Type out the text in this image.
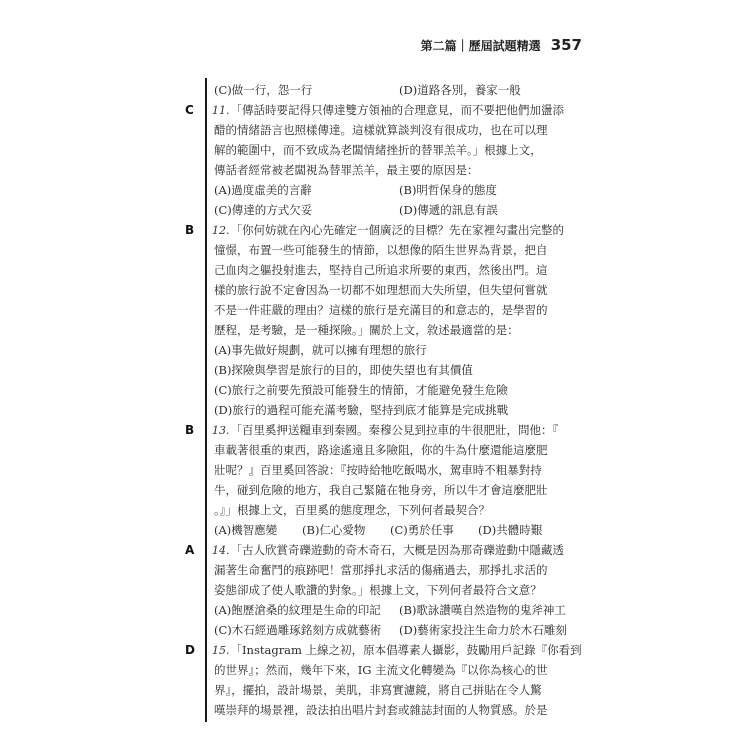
第二篇｜歷屆試題精選 357
(C)做一行，怨一行	(D)道路各別，養家一般
C	11.「傳話時要記得只傳達雙方領袖的合理意見，而不要把他們加盪添
醋的情緒語言也照樣傳達。這樣就算談判沒有很成功，也在可以理
解的範圍中，而不致成為老闆情緒挫折的替罪羔羊。」根據上文，
傳話者經常被老闆視為替罪羔羊，最主要的原因是：
(A)過度虛美的言辭	(B)明哲保身的態度
(C)傳達的方式欠妥	(D)傳遞的訊息有誤
B	12.「你何妨就在內心先確定一個廣泛的目標？先在家裡勾畫出完整的
憧憬，布置一些可能發生的情節，以想像的陌生世界為背景，把自
己血肉之軀投射進去，堅持自己所追求所要的東西，然後出門。這
樣的旅行說不定會因為一切都不如理想而大失所望，但失望何嘗就
不是一件莊嚴的理由？這樣的旅行是充滿目的和意志的，是學習的
歷程，是考驗，是一種探險。」關於上文，敘述最適當的是：
(A)事先做好規劃，就可以擁有理想的旅行
(B)探險與學習是旅行的目的，即使失望也有其價值
(C)旅行之前要先預設可能發生的情節，才能避免發生危險
(D)旅行的過程可能充滿考驗，堅持到底才能算是完成挑戰
B	13.「百里奚押送糧車到秦國。秦穆公見到拉車的牛很肥壯，問他：『
車載著很重的東西，路途遙遠且多險阻，你的牛為什麼還能這麼肥
壯呢？』百里奚回答說：『按時給牠吃飯喝水，駕車時不粗暴對持
牛，碰到危險的地方，我自己緊隨在牠身旁，所以牛才會這麼肥壯
。』」根據上文，百里奚的態度理念，下列何者最契合？
(A)機智應變 (B)仁心愛物 (C)勇於任事 (D)共體時艱
A	14.「古人欣賞奇礫遊動的奇木奇石，大概是因為那奇礫遊動中隱藏透
漏著生命奮鬥的痕跡吧！當那掙扎求活的傷痛過去，那掙扎求活的
姿態卻成了使人歌讚的對象。」根據上文，下列何者最符合文意？
(A)飽歷滄桑的紋理是生命的印記 (B)歌詠讚嘆自然造物的鬼斧神工
(C)木石經過雕琢銘刻方成就藝術 (D)藝術家投注生命力於木石雕刻
D	15.「Instagram 上線之初，原本倡導素人攝影，鼓勵用戶記錄『你看到
的世界』；然而，幾年下來，IG 主流文化轉變為『以你為核心的世
界』，擺拍，設計場景，美肌，非寫實濾鏡，將自己拼貼在令人驚
嘆崇拜的場景裡，設法拍出唱片封套或雜誌封面的人物質感。於是
